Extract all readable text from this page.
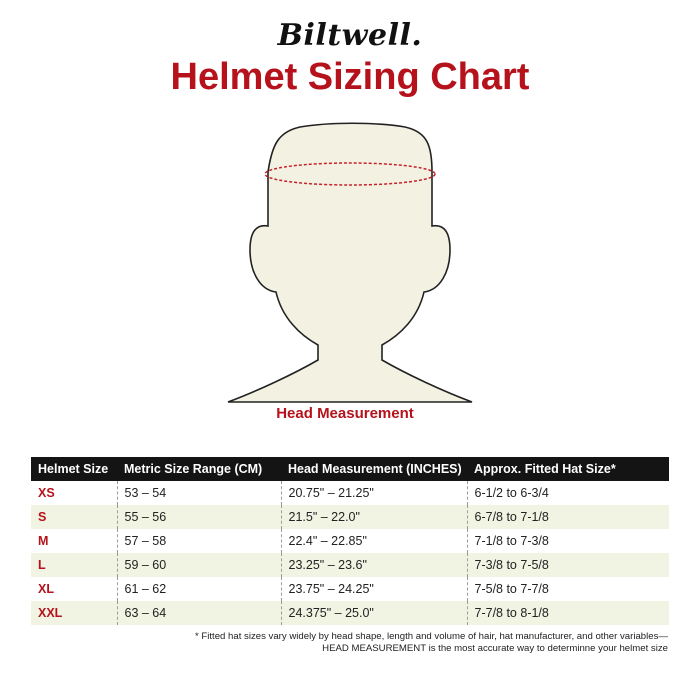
Biltwell.
Helmet Sizing Chart
Head Measurement
Helmet Size	Metric Size Range (CM)	Head Measurement (INCHES)	Approx. Fitted Hat Size*
XS	53 – 54	20.75" – 21.25"	6-1/2 to 6-3/4
S	55 – 56	21.5" – 22.0"	6-7/8 to 7-1/8
M	57 – 58	22.4" – 22.85"	7-1/8 to 7-3/8
L	59 – 60	23.25" – 23.6"	7-3/8 to 7-5/8
XL	61 – 62	23.75" – 24.25"	7-5/8 to 7-7/8
XXL	63 – 64	24.375" – 25.0"	7-7/8 to 8-1/8
* Fitted hat sizes vary widely by head shape, length and volume of hair, hat manufacturer, and other variables—
HEAD MEASUREMENT is the most accurate way to determinne your helmet size
